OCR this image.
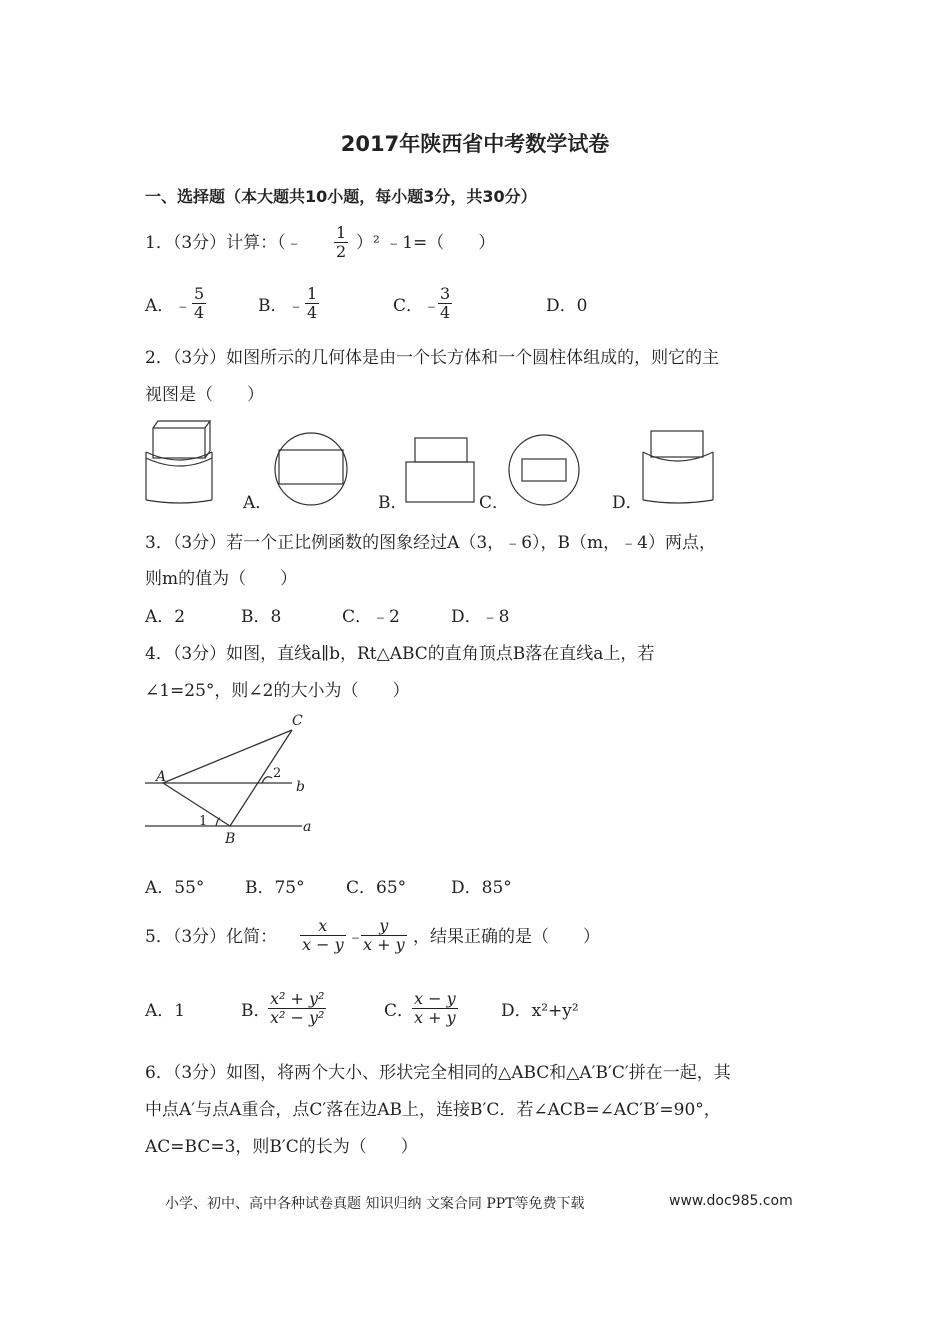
2017年陕西省中考数学试卷
一、选择题（本大题共10小题，每小题3分，共30分）
1．（3分）计算：（﹣ $\frac{1}{2} )^2$ ﹣1=（　　）
A．﹣ $\frac{5}{4}$	B．﹣ $\frac{1}{4}$	C．﹣
$\frac{3}{4}$	D．0
2．（3分）如图所示的几何体是由一个长方体和一个圆柱体组成的，则它的主
视图是（　　）
A．	B．	C．	D．
3．（3分）若一个正比例函数的图象经过A（3，﹣6），B（m，﹣4）两点，
则m的值为（　　）
A．2	B．8	C．﹣2	D．﹣8
4．（3分）如图，直线a∥b，Rt△ABC的直角顶点B落在直线a上，若
∠1=25°，则∠2的大小为（　　）
A
B
C
b
a
1
2
A．55° B．75° C．65°	D．85°
5．（3分）化简： $\frac{x}{x - y}$ ﹣
$\frac{y}{x + y}$ ，结果正确的是（　　）
A．1	B．
$\frac{\text{x² + y²}}{\text{x² − y²}}$	C．
$\frac{x - y}{x + y}$	D．x²+y²
6．（3分）如图，将两个大小、形状完全相同的△ABC和△A′B′C′拼在一起，其
中点A′与点A重合，点C′落在边AB上，连接B′C．若∠ACB=∠AC′B′=90°，
AC=BC=3，则B′C的长为（　　）
小学、初中、高中各种试卷真题 知识归纳 文案合同 PPT等免费下载	www.doc985.com
